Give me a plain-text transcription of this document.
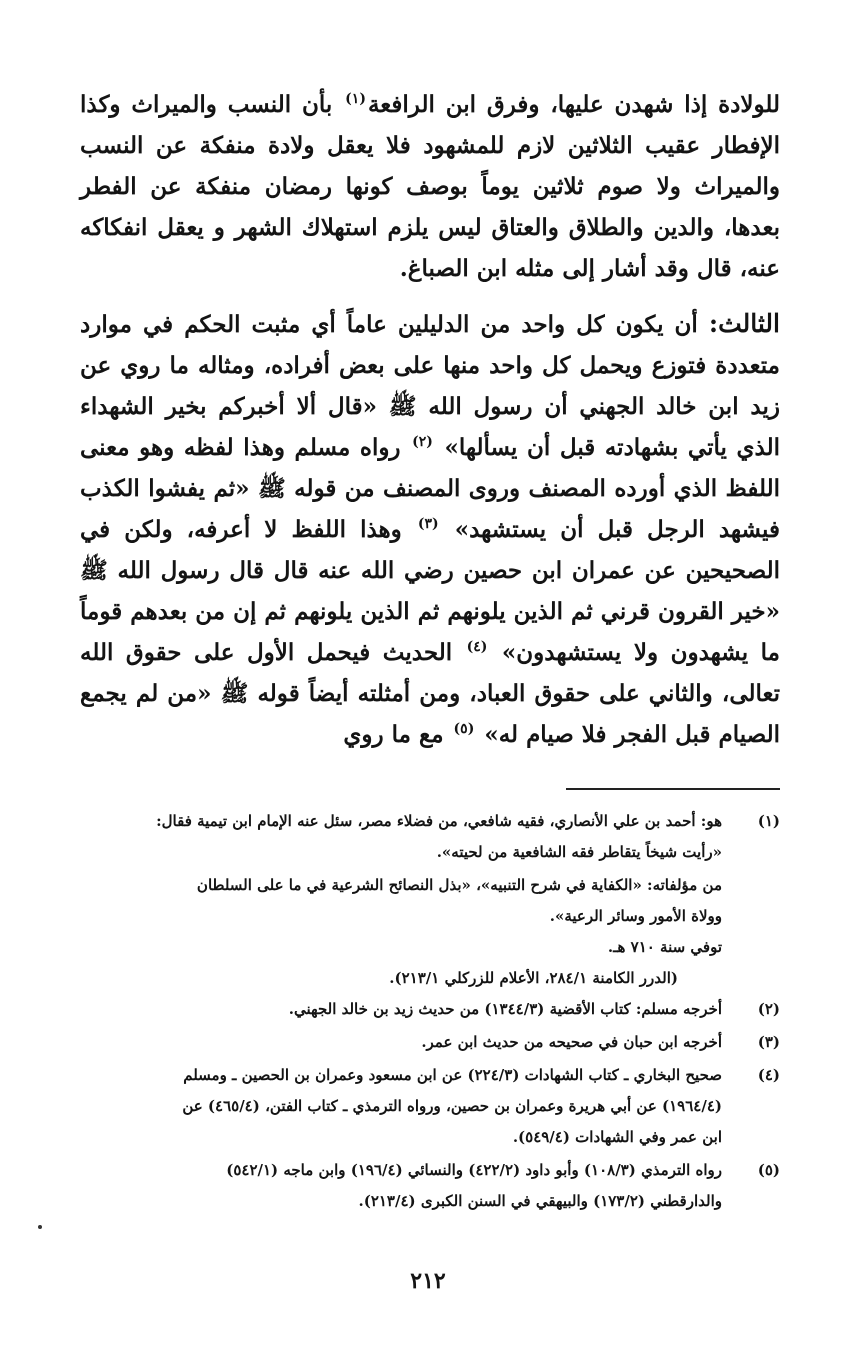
للولادة إذا شهدن عليها، وفرق ابن الرافعة$^{(١)}$ بأن النسب والميراث وكذا الإفطار عقيب الثلاثين لازم للمشهود فلا يعقل ولادة منفكة عن النسب والميراث ولا صوم ثلاثين يوماً بوصف كونها رمضان منفكة عن الفطر بعدها، والدين والطلاق والعتاق ليس يلزم استهلاك الشهر و يعقل انفكاكه عنه، قال وقد أشار إلى مثله ابن الصباغ.

الثالث: أن يكون كل واحد من الدليلين عاماً أي مثبت الحكم في موارد متعددة فتوزع ويحمل كل واحد منها على بعض أفراده، ومثاله ما روي عن زيد ابن خالد الجهني أن رسول الله ﷺ «قال ألا أخبركم بخير الشهداء الذي يأتي بشهادته قبل أن يسألها» $^{(٢)}$ رواه مسلم وهذا لفظه وهو معنى اللفظ الذي أورده المصنف وروى المصنف من قوله ﷺ «ثم يفشوا الكذب فيشهد الرجل قبل أن يستشهد» $^{(٣)}$ وهذا اللفظ لا أعرفه، ولكن في الصحيحين عن عمران ابن حصين رضي الله عنه قال قال رسول الله ﷺ «خير القرون قرني ثم الذين يلونهم ثم الذين يلونهم ثم إن من بعدهم قوماً ما يشهدون ولا يستشهدون» $^{(٤)}$ الحديث فيحمل الأول على حقوق الله تعالى، والثاني على حقوق العباد، ومن أمثلته أيضاً قوله ﷺ «من لم يجمع الصيام قبل الفجر فلا صيام له» $^{(٥)}$ مع ما روي

(١)
هو: أحمد بن علي الأنصاري، فقيه شافعي، من فضلاء مصر، سئل عنه الإمام ابن تيمية فقال:
«رأيت شيخاً يتقاطر فقه الشافعية من لحيته».
من مؤلفاته: «الكفاية في شرح التنبيه»، «بذل النصائح الشرعية في ما على السلطان
وولاة الأمور وسائر الرعية».
توفي سنة ٧١٠ هـ.
(الدرر الكامنة ٢٨٤/١، الأعلام للزركلي ٢١٣/١).
(٢)
أخرجه مسلم: كتاب الأقضية (١٣٤٤/٣) من حديث زيد بن خالد الجهني.
(٣)
أخرجه ابن حبان في صحيحه من حديث ابن عمر.
(٤)
صحيح البخاري ـ كتاب الشهادات (٢٢٤/٣) عن ابن مسعود وعمران بن الحصين ـ ومسلم
(١٩٦٤/٤) عن أبي هريرة وعمران بن حصين، ورواه الترمذي ـ كتاب الفتن، (٤٦٥/٤) عن
ابن عمر وفي الشهادات (٥٤٩/٤).
(٥)
رواه الترمذي (١٠٨/٣) وأبو داود (٤٢٢/٢) والنسائي (١٩٦/٤) وابن ماجه (٥٤٢/١)
والدارقطني (١٧٣/٢) والبيهقي في السنن الكبرى (٢١٣/٤).
٢١٢
